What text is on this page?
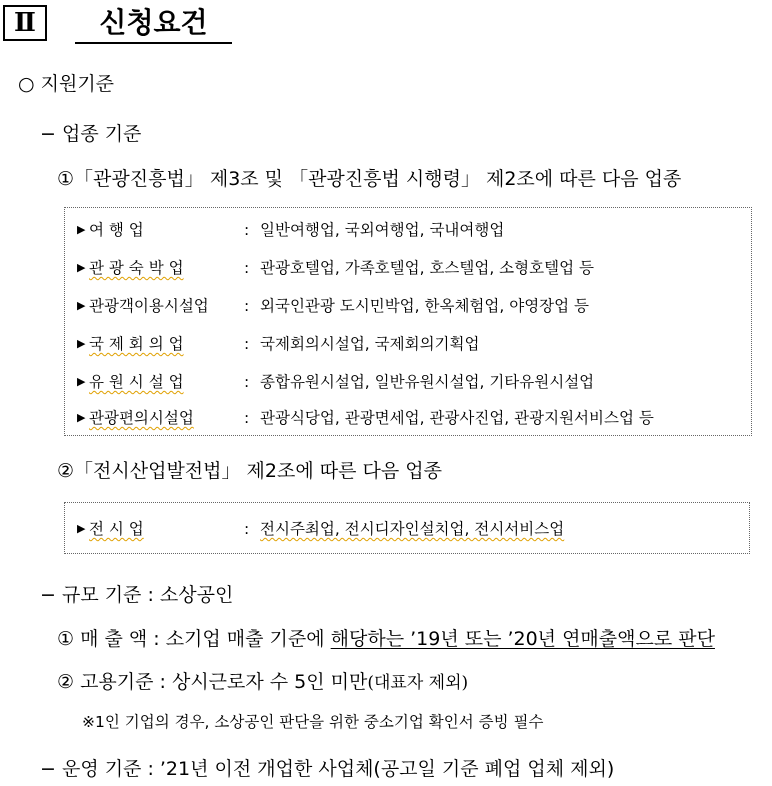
Ⅱ	신청요건
○ 지원기준
− 업종 기준
①「관광진흥법」 제3조 및 「관광진흥법 시행령」 제2조에 따른 다음 업종
▶ 여 행 업	: 일반여행업, 국외여행업, 국내여행업
▶ 관 광 숙 박 업	: 관광호텔업, 가족호텔업, 호스텔업, 소형호텔업 등
▶ 관광객이용시설업 : 외국인관광 도시민박업, 한옥체험업, 야영장업 등
▶ 국 제 회 의 업	: 국제회의시설업, 국제회의기획업
▶ 유 원 시 설 업	: 종합유원시설업, 일반유원시설업, 기타유원시설업
▶ 관광편의시설업	: 관광식당업, 관광면세업, 관광사진업, 관광지원서비스업 등
②「전시산업발전법」 제2조에 따른 다음 업종
▶ 전 시 업	: 전시주최업, 전시디자인설치업, 전시서비스업
− 규모 기준 : 소상공인
① 매 출 액 : 소기업 매출 기준에 해당하는 ’19년 또는 ’20년 연매출액으로 판단
② 고용기준 : 상시근로자 수 5인 미만(대표자 제외)
※1인 기업의 경우, 소상공인 판단을 위한 중소기업 확인서 증빙 필수
− 운영 기준 : ’21년 이전 개업한 사업체(공고일 기준 폐업 업체 제외)
